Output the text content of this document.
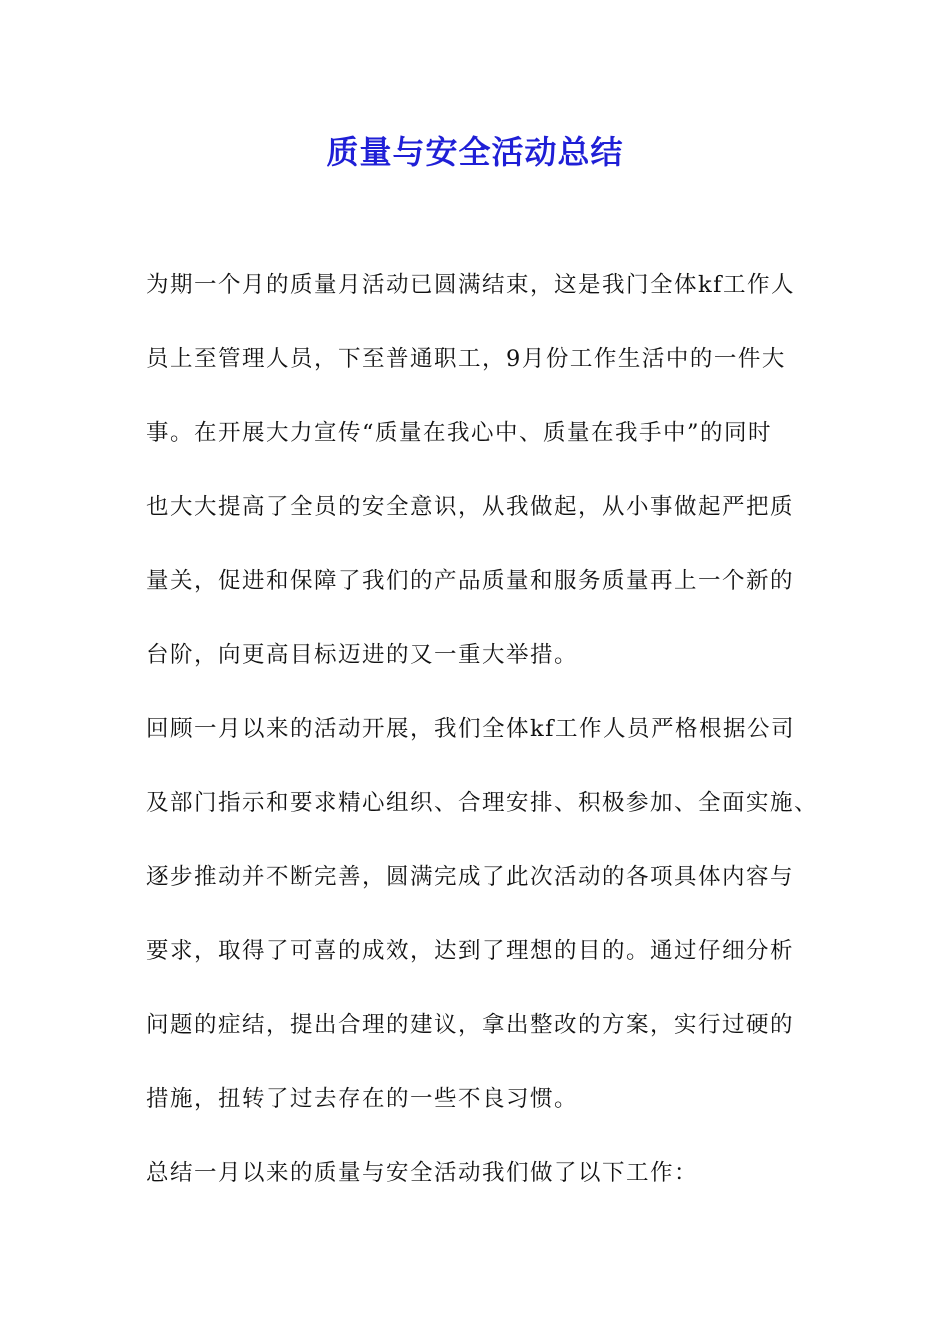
质量与安全活动总结
为期一个月的质量月活动已圆满结束，这是我门全体kf工作人
员上至管理人员，下至普通职工，9月份工作生活中的一件大
事。在开展大力宣传“质量在我心中、质量在我手中”的同时
也大大提高了全员的安全意识，从我做起，从小事做起严把质
量关，促进和保障了我们的产品质量和服务质量再上一个新的
台阶，向更高目标迈进的又一重大举措。
回顾一月以来的活动开展，我们全体kf工作人员严格根据公司
及部门指示和要求精心组织、合理安排、积极参加、全面实施、
逐步推动并不断完善，圆满完成了此次活动的各项具体内容与
要求，取得了可喜的成效，达到了理想的目的。通过仔细分析
问题的症结，提出合理的建议，拿出整改的方案，实行过硬的
措施，扭转了过去存在的一些不良习惯。
总结一月以来的质量与安全活动我们做了以下工作：
